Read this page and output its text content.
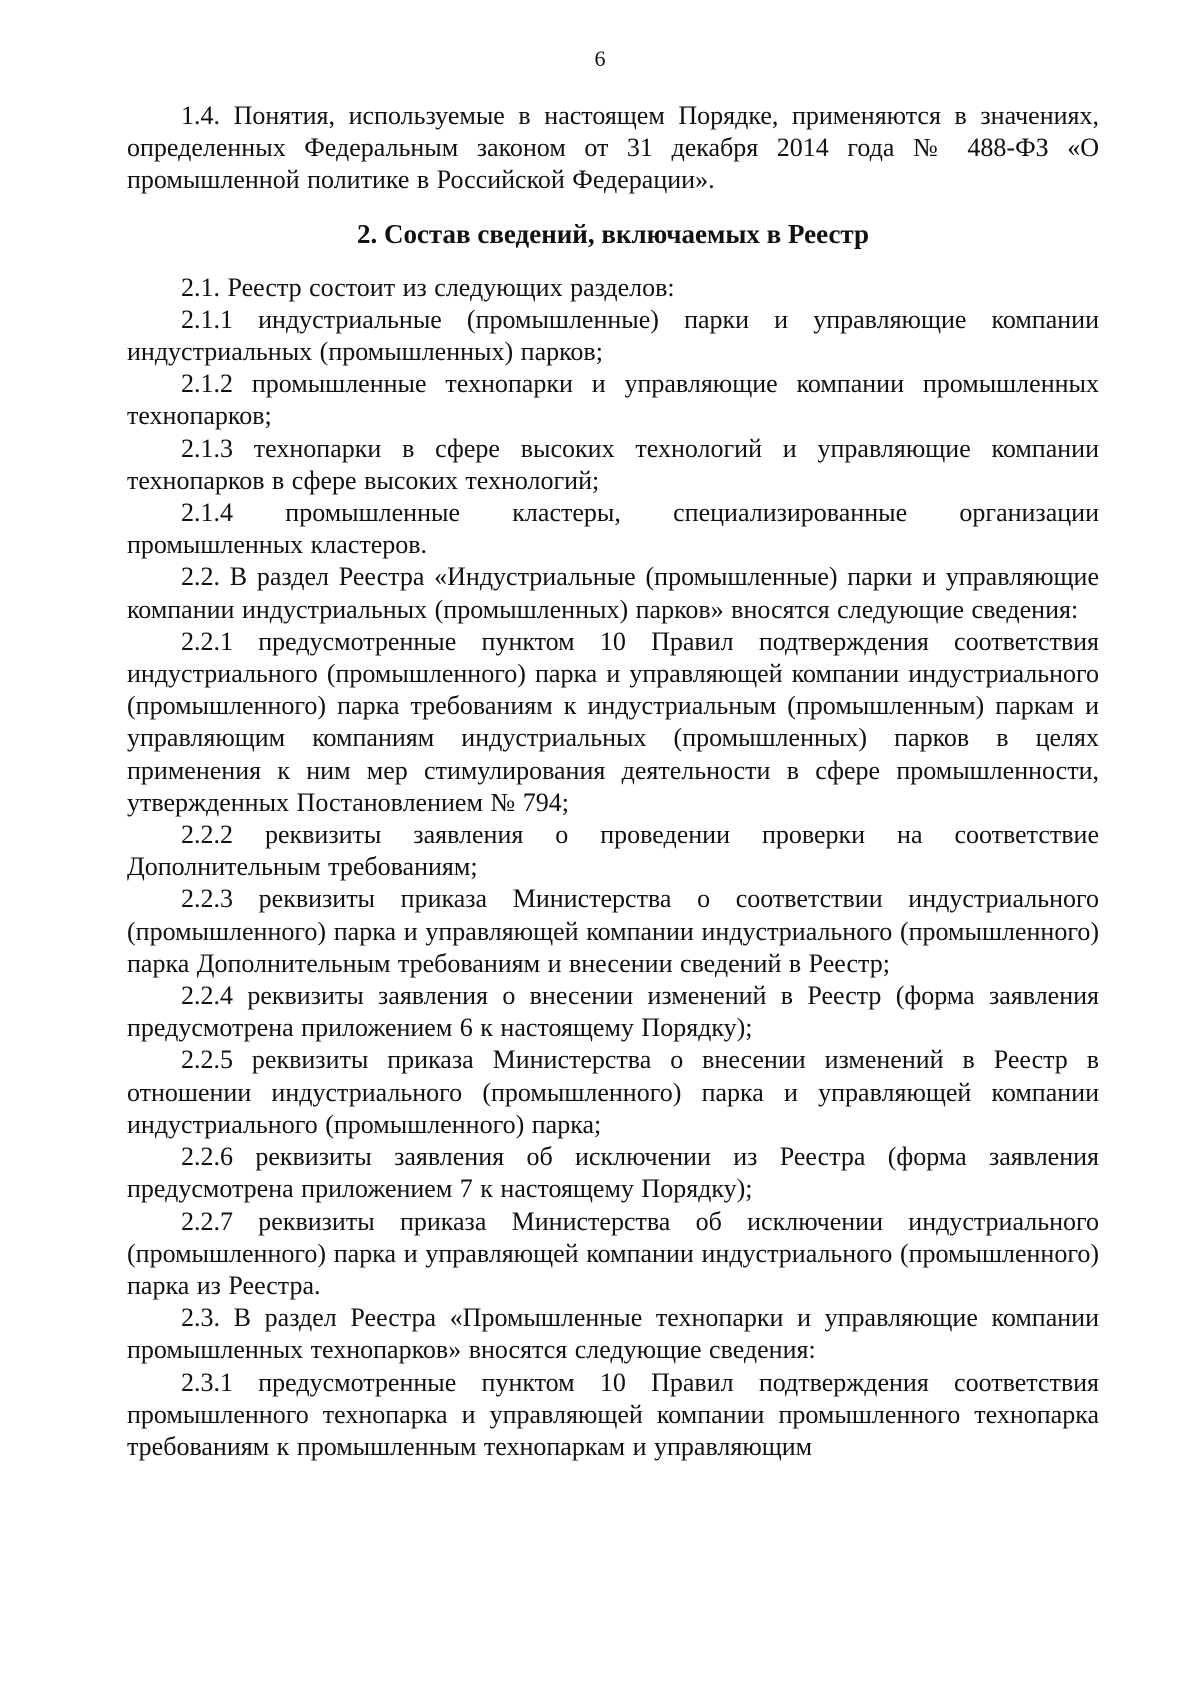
6

1.4. Понятия, используемые в настоящем Порядке, применяются в значениях, определенных Федеральным законом от 31 декабря 2014 года № 488-ФЗ «О промышленной политике в Российской Федерации».

2. Состав сведений, включаемых в Реестр

2.1. Реестр состоит из следующих разделов:

2.1.1 индустриальные (промышленные) парки и управляющие компании индустриальных (промышленных) парков;

2.1.2 промышленные технопарки и управляющие компании промышленных технопарков;

2.1.3 технопарки в сфере высоких технологий и управляющие компании технопарков в сфере высоких технологий;

2.1.4 промышленные кластеры, специализированные организации промышленных кластеров.

2.2. В раздел Реестра «Индустриальные (промышленные) парки и управляющие компании индустриальных (промышленных) парков» вносятся следующие сведения:

2.2.1 предусмотренные пунктом 10 Правил подтверждения соответствия индустриального (промышленного) парка и управляющей компании индустриального (промышленного) парка требованиям к индустриальным (промышленным) паркам и управляющим компаниям индустриальных (промышленных) парков в целях применения к ним мер стимулирования деятельности в сфере промышленности, утвержденных Постановлением № 794;

2.2.2 реквизиты заявления о проведении проверки на соответствие Дополнительным требованиям;

2.2.3 реквизиты приказа Министерства о соответствии индустриального (промышленного) парка и управляющей компании индустриального (промышленного) парка Дополнительным требованиям и внесении сведений в Реестр;

2.2.4 реквизиты заявления о внесении изменений в Реестр (форма заявления предусмотрена приложением 6 к настоящему Порядку);

2.2.5 реквизиты приказа Министерства о внесении изменений в Реестр в отношении индустриального (промышленного) парка и управляющей компании индустриального (промышленного) парка;

2.2.6 реквизиты заявления об исключении из Реестра (форма заявления предусмотрена приложением 7 к настоящему Порядку);

2.2.7 реквизиты приказа Министерства об исключении индустриального (промышленного) парка и управляющей компании индустриального (промышленного) парка из Реестра.

2.3. В раздел Реестра «Промышленные технопарки и управляющие компании промышленных технопарков» вносятся следующие сведения:

2.3.1 предусмотренные пунктом 10 Правил подтверждения соответствия промышленного технопарка и управляющей компании промышленного технопарка требованиям к промышленным технопаркам и управляющим
